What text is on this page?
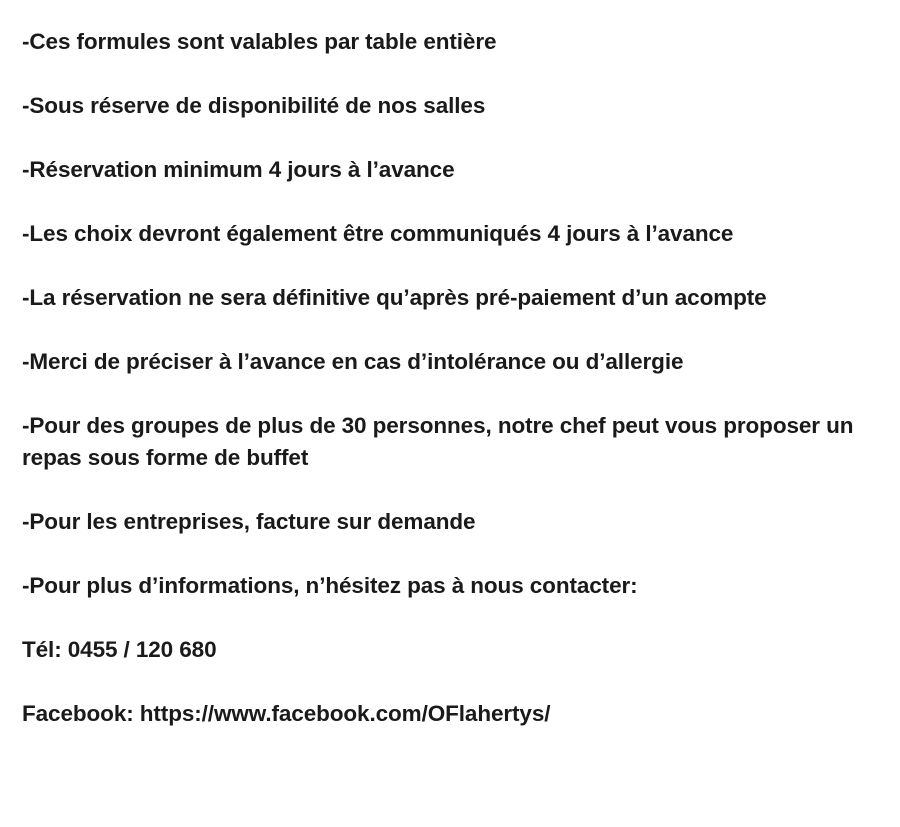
-Ces formules sont valables par table entière

-Sous réserve de disponibilité de nos salles

-Réservation minimum 4 jours à l’avance

-Les choix devront également être communiqués 4 jours à l’avance

-La réservation ne sera définitive qu’après pré-paiement d’un acompte

-Merci de préciser à l’avance en cas d’intolérance ou d’allergie

-Pour des groupes de plus de 30 personnes, notre chef peut vous proposer un repas sous forme de buffet

-Pour les entreprises, facture sur demande

-Pour plus d’informations, n’hésitez pas à nous contacter:

Tél: 0455 / 120 680

Facebook: https://www.facebook.com/OFlahertys/
